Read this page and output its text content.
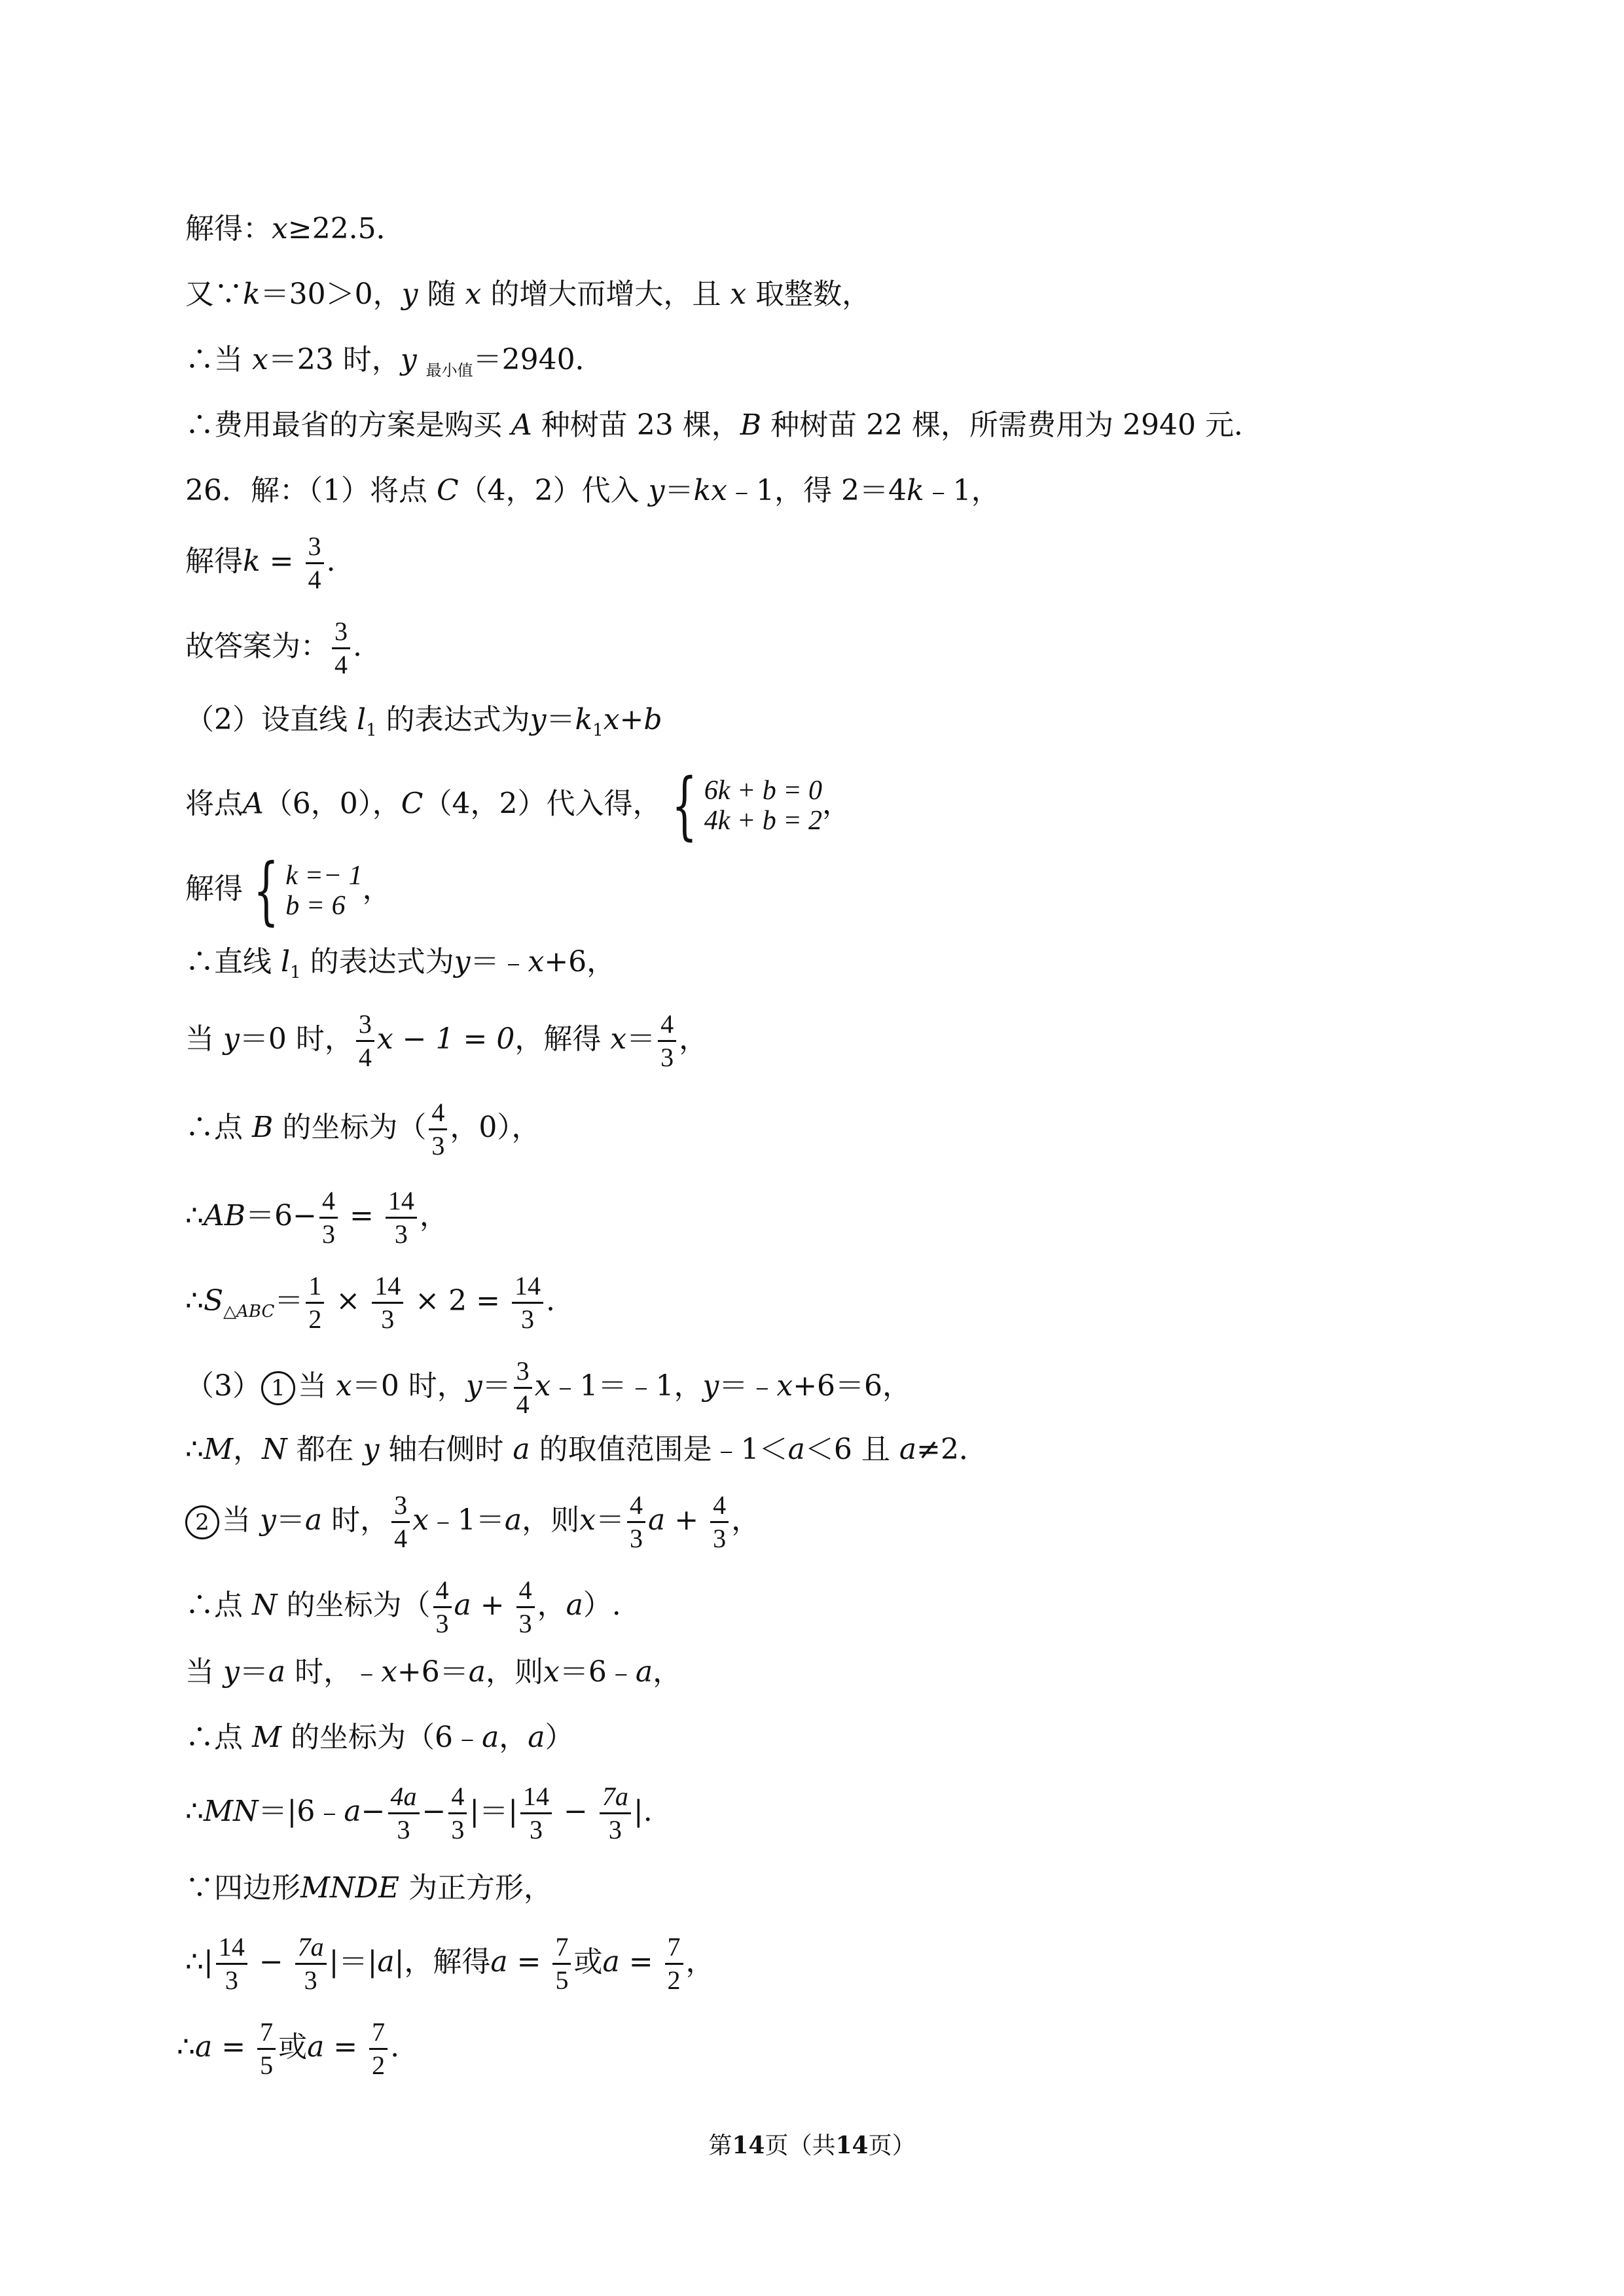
解得：x≥22.5．
又∵k＝30＞0，y 随 x 的增大而增大，且 x 取整数，
∴当 x＝23 时，y $_{最小值}$＝2940．
∴费用最省的方案是购买 A 种树苗 23 棵，B 种树苗 22 棵，所需费用为 2940 元．
26．解：（1）将点 C（4，2）代入 y＝kx﹣1，得 2＝4k﹣1，
解得$k = \frac{3}{4}$ .
故答案为： $\frac{3}{4}$ .
（2）设直线 $l_1$ 的表达式为$y=k_1x+b$
将点A（6，0），C（4，2）代入得， { 6k + b = 0
4k + b = 2
，
解得 { k =− 1
b = 6
，
∴直线 $l_1$ 的表达式为y＝﹣x+6，
当 y＝0 时， $\frac{3}{4}$ x − 1 = 0，解得 $x= \frac{4}{3}$ ，
∴点 B 的坐标为（ $\frac{4}{3}$ ，0），
∴AB＝6− $\frac{4}{3} = \frac{14}{3}$ ，
$\therefore S_{\triangle ABC}= \frac{1}{2} \times \frac{14}{3} \times 2 = \frac{14}{3}$ .
（3） 1 当 x＝0 时，$y= \frac{3}{4}$ x﹣1＝﹣1，y＝﹣x+6＝6，
∴M，N 都在 y 轴右侧时 a 的取值范围是﹣1＜a＜6 且 a≠2．
2 当 y＝a 时， $\frac{3}{4}$ x﹣1＝a，则$x= \frac{4}{3}$ $a + \frac{4}{3}$ ，
∴点 N 的坐标为（ $\frac{4}{3}$ $a + \frac{4}{3}$ ，a）.
当 y＝a 时，﹣x+6＝a，则x＝6﹣a，
∴点 M 的坐标为（6﹣a，a）
∴MN＝|6﹣a− $\frac{4a}{3} - \frac{4}{3}$ |＝| $\frac{14}{3} - \frac{7a}{3}$ |.
∵四边形MNDE 为正方形，
∴| $\frac{14}{3} - \frac{7a}{3} |=|a|$，解得$a = \frac{7}{5}$ 或$a = \frac{7}{2}$ ，
∴a = $\frac{7}{5}$ 或$a = \frac{7}{2}$ .
第14页（共14页）
